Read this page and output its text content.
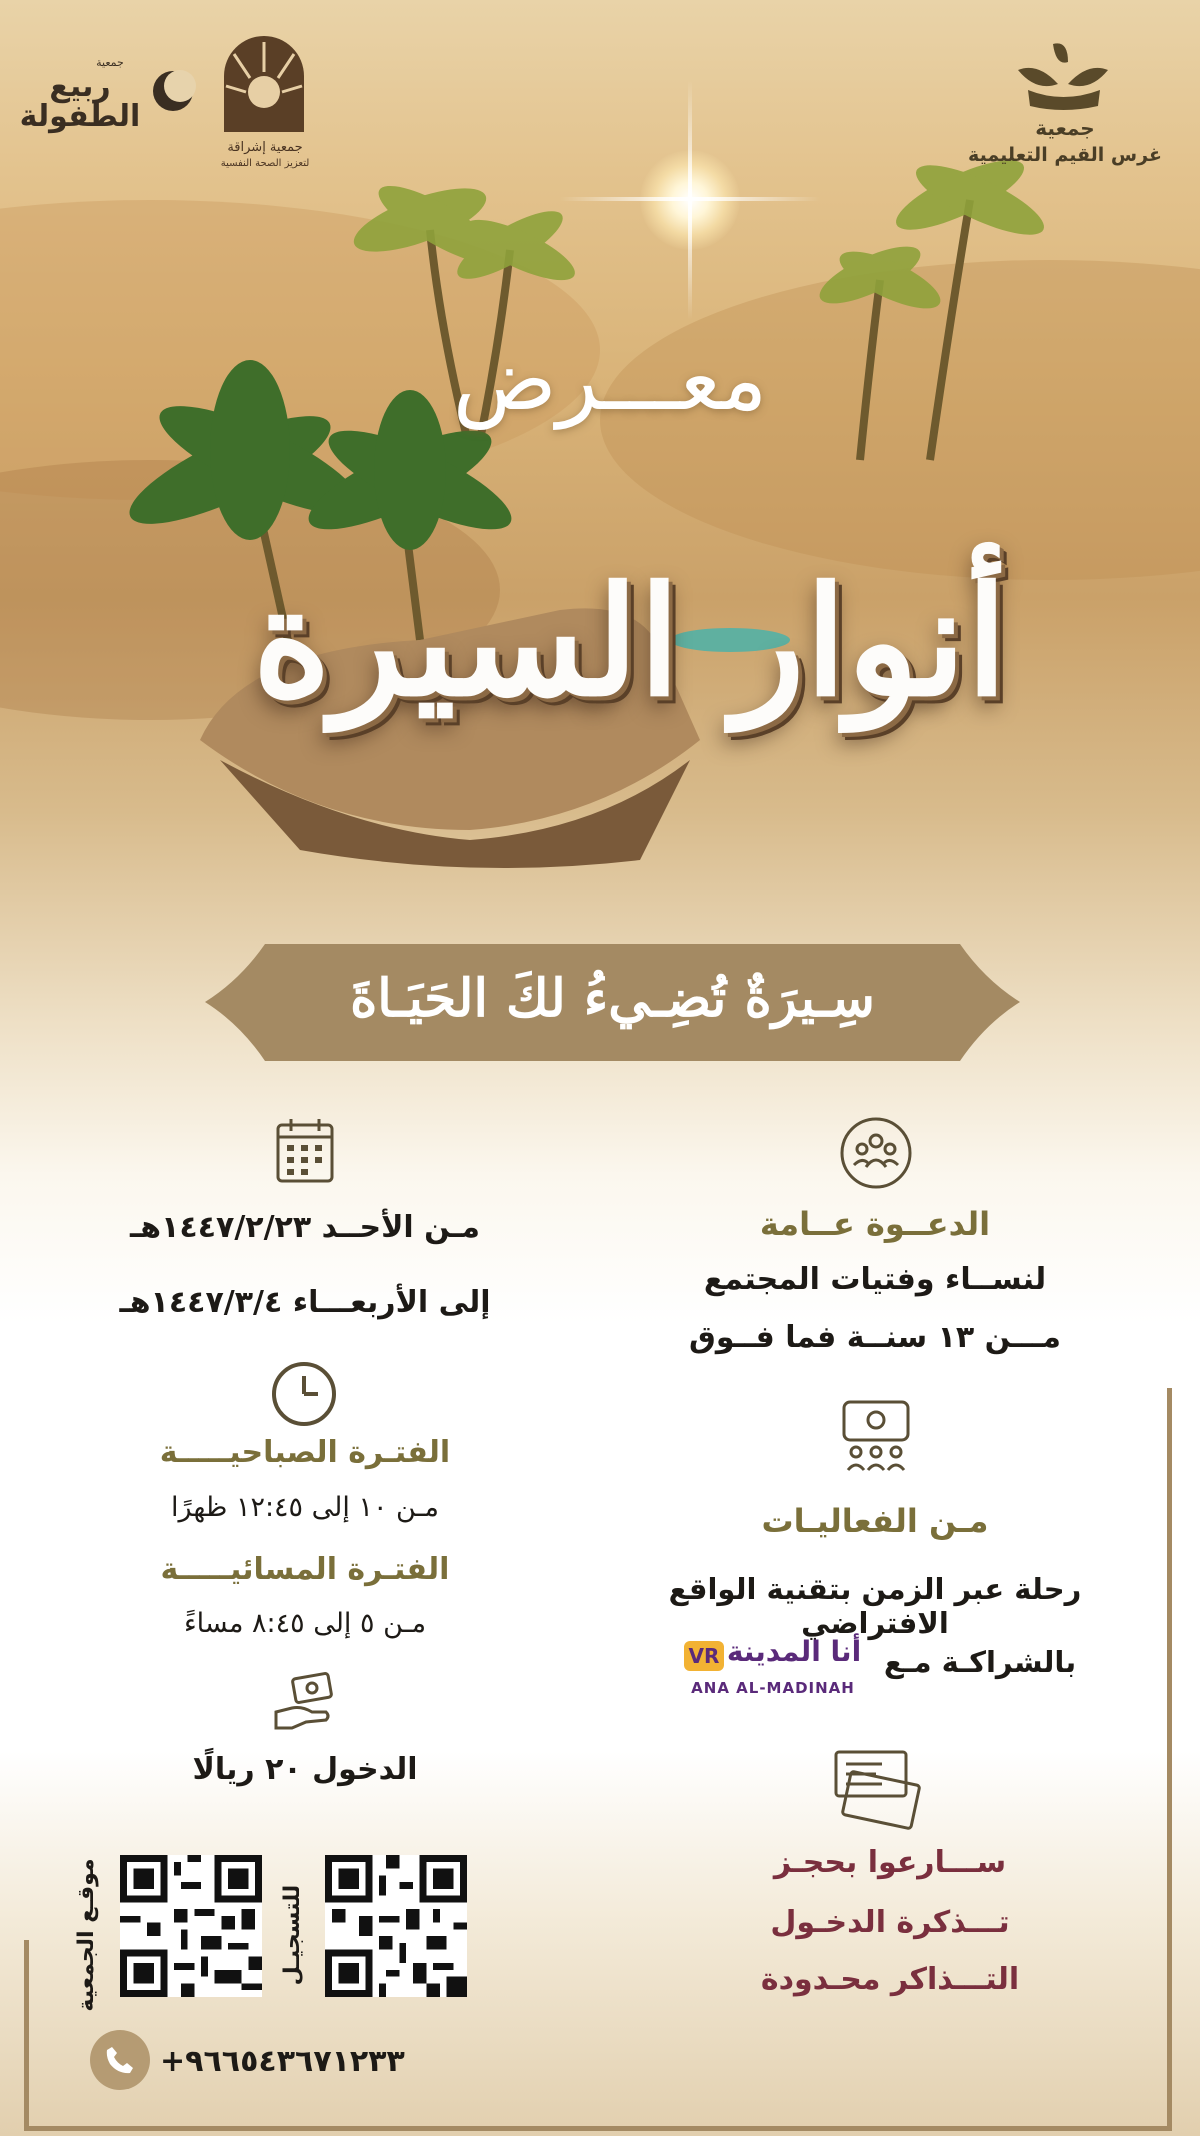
جمعية
غرس القيم التعليمية
جمعية إشراقة
لتعزيز الصحة النفسية
جمعية
ربيع الطفولة
معـــرض
أنوار السيرة
سِـيرَةٌ تُضِـيءُ لكَ الحَيَـاةَ
مـن الأحــد ١٤٤٧/٢/٢٣هـ
إلى الأربعـــاء ١٤٤٧/٣/٤هـ
الفتـرة الصباحيـــــة
مـن ١٠ إلى ١٢:٤٥ ظهرًا
الفتـرة المسائيـــــة
مـن ٥ إلى ٨:٤٥ مساءً
الدخول ٢٠ ريالًا
الدعــوة عــامة
لنســاء وفتيات المجتمع
مـــن ١٣ سنــة فما فــوق
مـن الفعاليـات
رحلة عبر الزمن بتقنية الواقع الافتراضي
بالشراكـة مـع
أنا المدينة
VR
ANA AL-MADINAH
ســـارعوا بحجـز
تـــذكرة الدخـول
التـــذاكر محـدودة
موقـع الجمعية	للتسجيـل
+٩٦٦٥٤٣٦٧١٢٣٣
